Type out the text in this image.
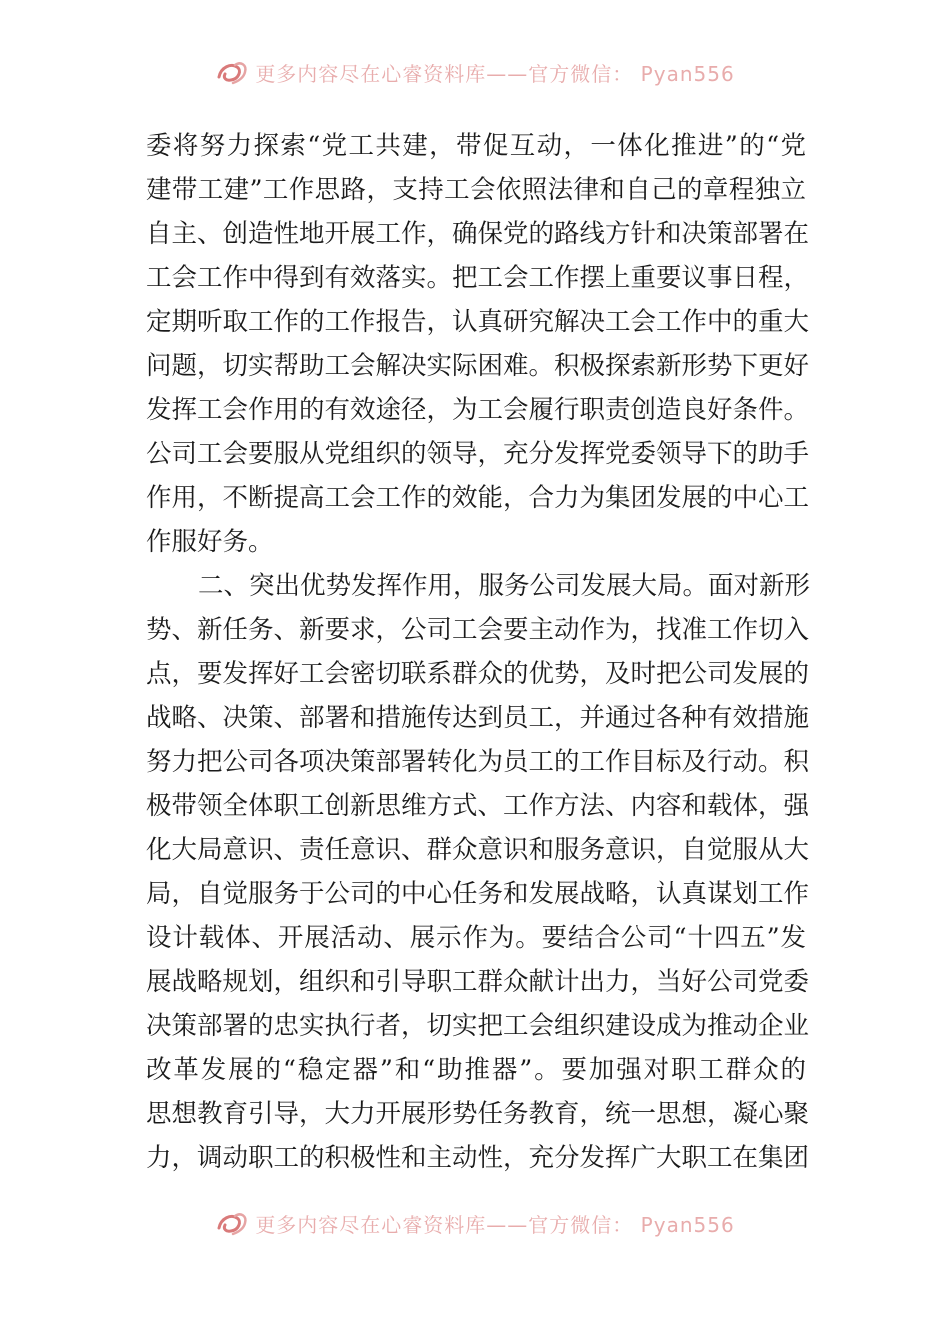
更多内容尽在心睿资料库——官方微信： Pyan556
委将努力探索“党工共建，带促互动，一体化推进”的“党
建带工建”工作思路，支持工会依照法律和自己的章程独立
自主、创造性地开展工作，确保党的路线方针和决策部署在
工会工作中得到有效落实。把工会工作摆上重要议事日程，
定期听取工作的工作报告，认真研究解决工会工作中的重大
问题，切实帮助工会解决实际困难。积极探索新形势下更好
发挥工会作用的有效途径，为工会履行职责创造良好条件。
公司工会要服从党组织的领导，充分发挥党委领导下的助手
作用，不断提高工会工作的效能，合力为集团发展的中心工
作服好务。
二、突出优势发挥作用，服务公司发展大局。面对新形
势、新任务、新要求，公司工会要主动作为，找准工作切入
点，要发挥好工会密切联系群众的优势，及时把公司发展的
战略、决策、部署和措施传达到员工，并通过各种有效措施
努力把公司各项决策部署转化为员工的工作目标及行动。积
极带领全体职工创新思维方式、工作方法、内容和载体，强
化大局意识、责任意识、群众意识和服务意识，自觉服从大
局，自觉服务于公司的中心任务和发展战略，认真谋划工作
设计载体、开展活动、展示作为。要结合公司“十四五”发
展战略规划，组织和引导职工群众献计出力，当好公司党委
决策部署的忠实执行者，切实把工会组织建设成为推动企业
改革发展的“稳定器”和“助推器”。要加强对职工群众的
思想教育引导，大力开展形势任务教育，统一思想，凝心聚
力，调动职工的积极性和主动性，充分发挥广大职工在集团
更多内容尽在心睿资料库——官方微信： Pyan556
